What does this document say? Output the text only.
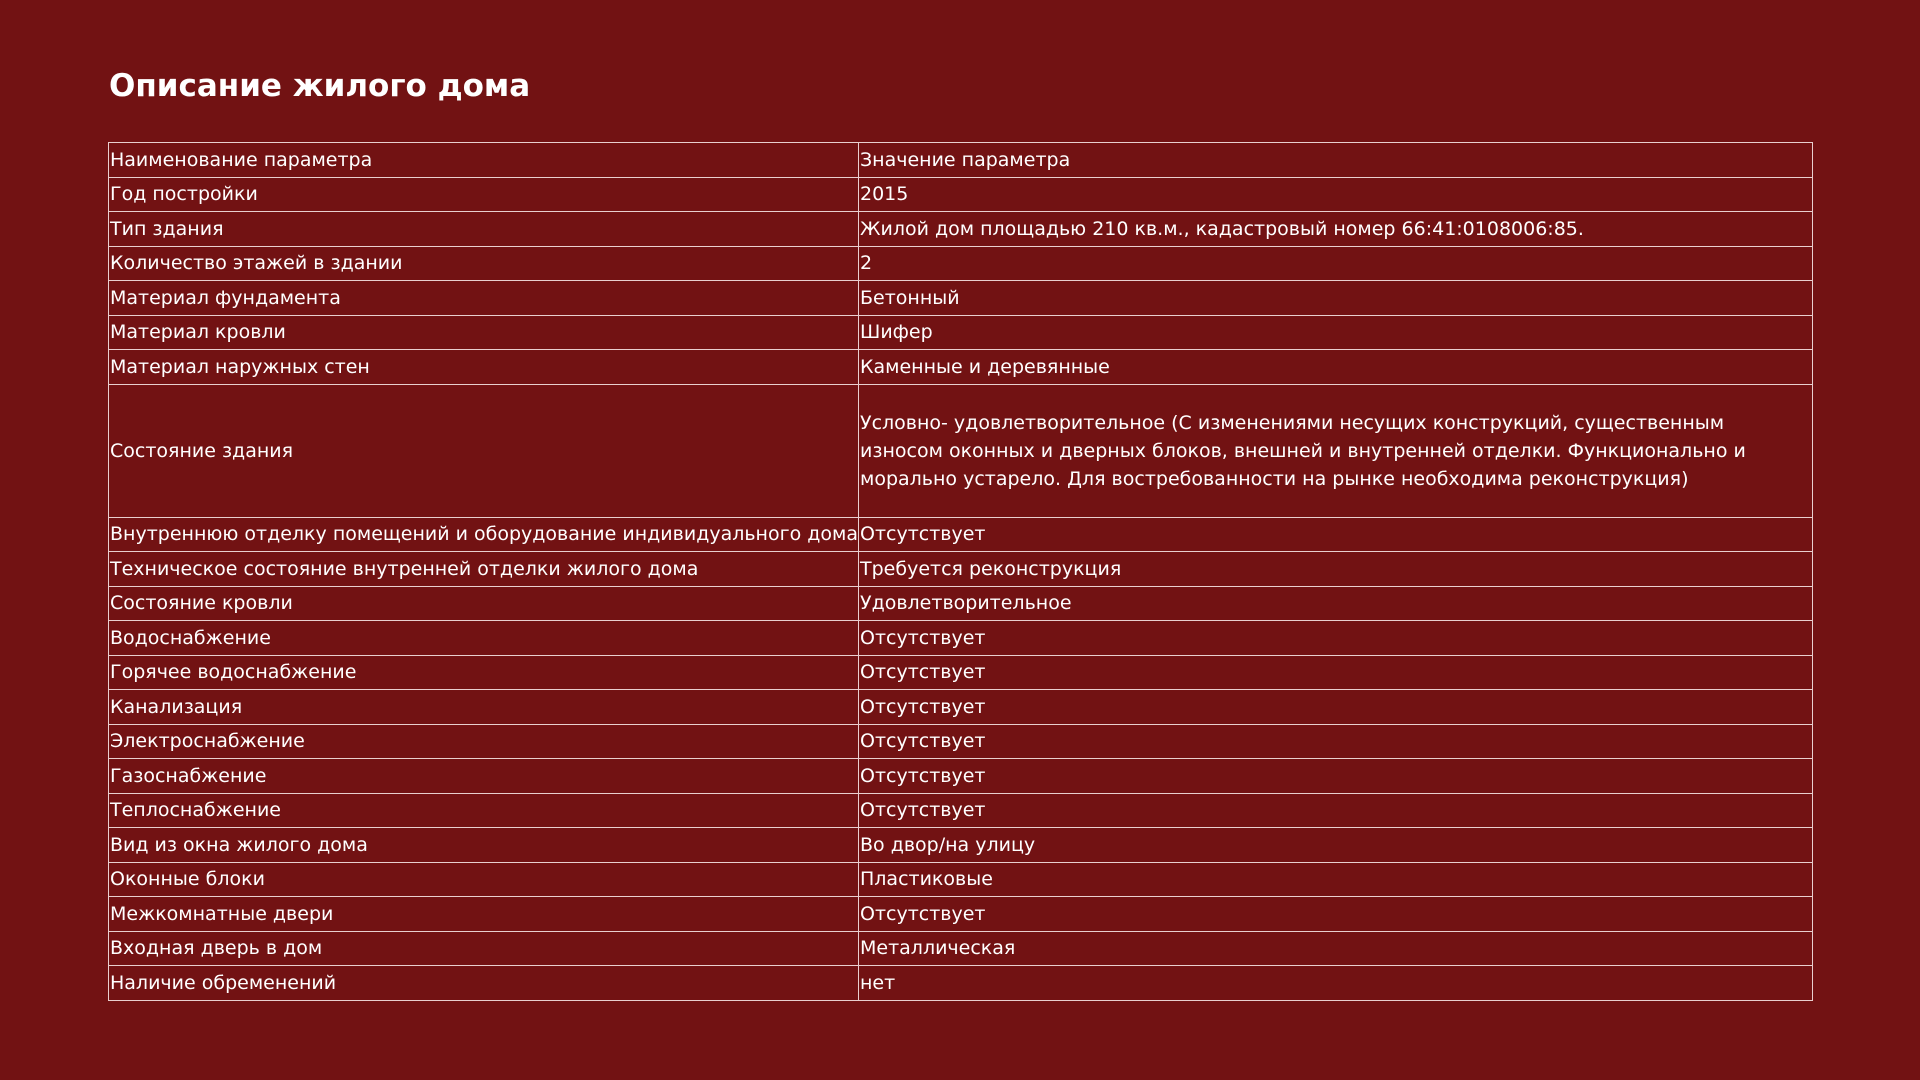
Описание жилого дома
Наименование параметра	Значение параметра
Год постройки	2015
Тип здания	Жилой дом площадью 210 кв.м., кадастровый номер 66:41:0108006:85.
Количество этажей в здании	2
Материал фундамента	Бетонный
Материал кровли	Шифер
Материал наружных стен	Каменные и деревянные
Состояние здания	Условно- удовлетворительное (С изменениями несущих конструкций, существенным износом оконных и дверных блоков, внешней и внутренней отделки. Функционально и морально устарело. Для востребованности на рынке необходима реконструкция)
Внутреннюю отделку помещений и оборудование индивидуального дома	Отсутствует
Техническое состояние внутренней отделки жилого дома	Требуется реконструкция
Состояние кровли	Удовлетворительное
Водоснабжение	Отсутствует
Горячее водоснабжение	Отсутствует
Канализация	Отсутствует
Электроснабжение	Отсутствует
Газоснабжение	Отсутствует
Теплоснабжение	Отсутствует
Вид из окна жилого дома	Во двор/на улицу
Оконные блоки	Пластиковые
Межкомнатные двери	Отсутствует
Входная дверь в дом	Металлическая
Наличие обременений	нет
